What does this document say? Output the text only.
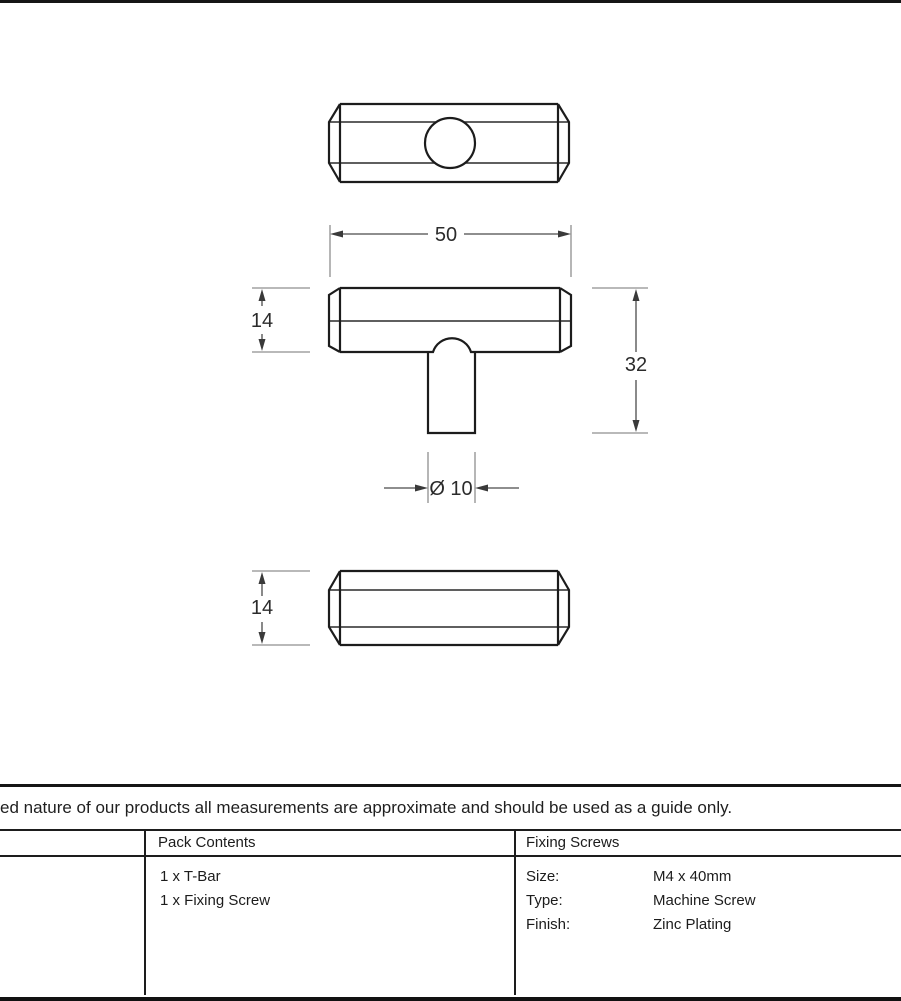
50
14
32
Ø 10
14
ed nature of our products all measurements are approximate and should be used as a guide only.
Pack Contents	Fixing Screws
1 x T-Bar
1 x Fixing Screw
Size:	M4 x 40mm
Type:	Machine Screw
Finish:	Zinc Plating
